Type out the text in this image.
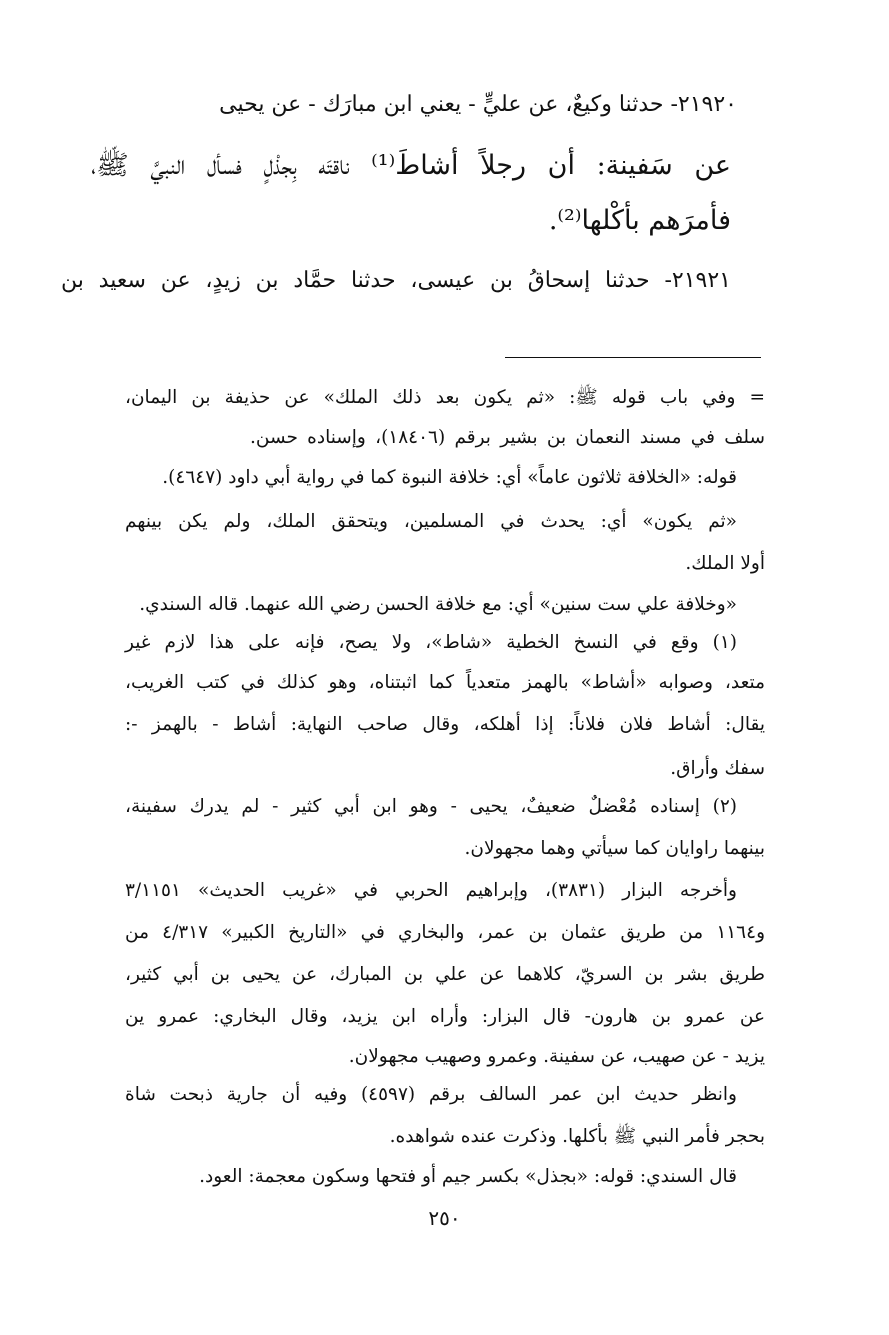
٢١٩٢٠- حدثنا وكيعٌ، عن عليٍّ - يعني ابن مبارَك - عن يحيى
عن سَفينة: أن رجلاً أشاطَ⁽¹⁾ ناقتَه بِجذْلٍ فسأل النبيَّ ﷺ،
فأمرَهم بأكْلها⁽²⁾.
٢١٩٢١- حدثنا إسحاقُ بن عيسى، حدثنا حمَّاد بن زيدٍ، عن سعيد بن
= وفي باب قوله ﷺ: «ثم يكون بعد ذلك الملك» عن حذيفة بن اليمان،
سلف في مسند النعمان بن بشير برقم (١٨٤٠٦)، وإسناده حسن.
قوله: «الخلافة ثلاثون عاماً» أي: خلافة النبوة كما في رواية أبي داود (٤٦٤٧).
«ثم يكون» أي: يحدث في المسلمين، ويتحقق الملك، ولم يكن بينهم
أولا الملك.
«وخلافة علي ست سنين» أي: مع خلافة الحسن رضي الله عنهما. قاله السندي.
(١) وقع في النسخ الخطية «شاط»، ولا يصح، فإنه على هذا لازم غير
متعد، وصوابه «أشاط» بالهمز متعدياً كما اثبتناه، وهو كذلك في كتب الغريب،
يقال: أشاط فلان فلاناً: إذا أهلكه، وقال صاحب النهاية: أشاط - بالهمز -:
سفك وأراق.
(٢) إسناده مُعْضلٌ ضعيفٌ، يحيى - وهو ابن أبي كثير - لم يدرك سفينة،
بينهما راوايان كما سيأتي وهما مجهولان.
وأخرجه البزار (٣٨٣١)، وإبراهيم الحربي في «غريب الحديث» ٣/١١٥١
و١١٦٤ من طريق عثمان بن عمر، والبخاري في «التاريخ الكبير» ٤/٣١٧ من
طريق بشر بن السريّ، كلاهما عن علي بن المبارك، عن يحيى بن أبي كثير،
عن عمرو بن هارون- قال البزار: وأراه ابن يزيد، وقال البخاري: عمرو ين
يزيد - عن صهيب، عن سفينة. وعمرو وصهيب مجهولان.
وانظر حديث ابن عمر السالف برقم (٤٥٩٧) وفيه أن جارية ذبحت شاة
بحجر فأمر النبي ﷺ بأكلها. وذكرت عنده شواهده.
قال السندي: قوله: «بجذل» بكسر جيم أو فتحها وسكون معجمة: العود.
٢٥٠
